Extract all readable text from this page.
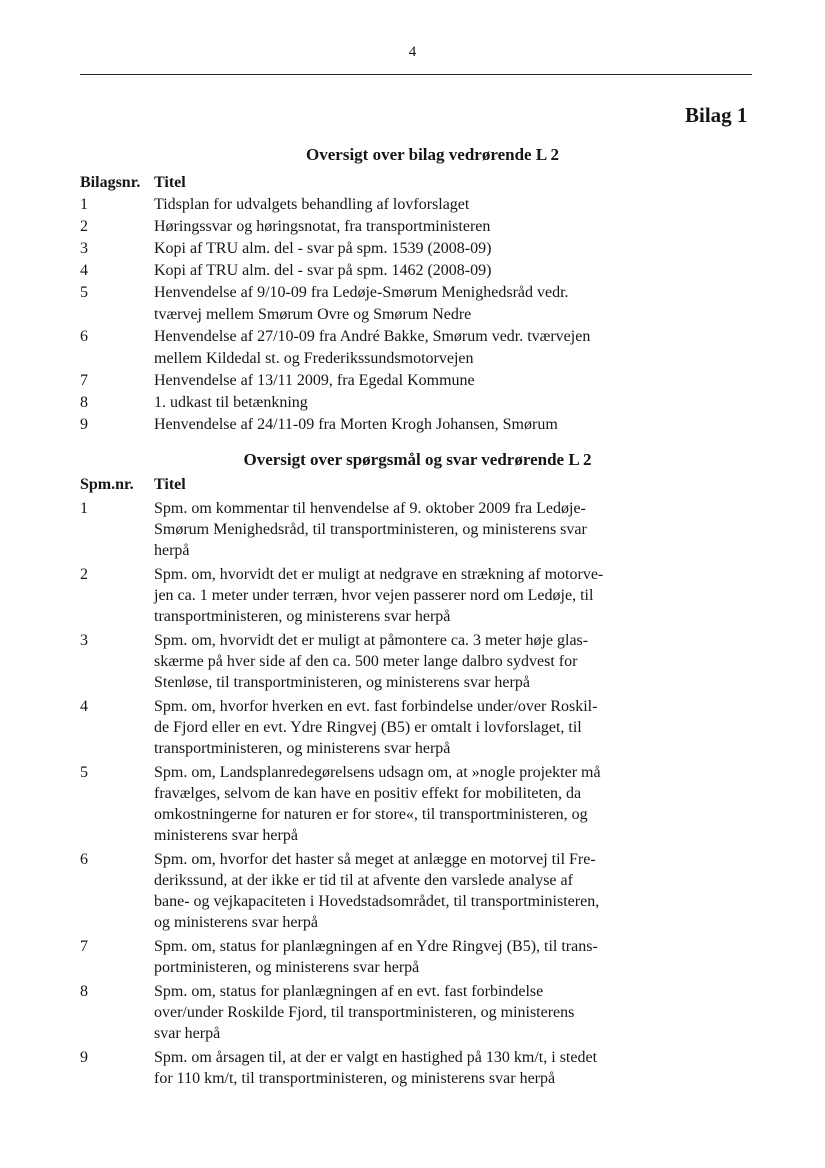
4
Bilag 1
Oversigt over bilag vedrørende L 2
Bilagsnr. Titel
1	Tidsplan for udvalgets behandling af lovforslaget
2	Høringssvar og høringsnotat, fra transportministeren
3	Kopi af TRU alm. del - svar på spm. 1539 (2008-09)
4	Kopi af TRU alm. del - svar på spm. 1462 (2008-09)
5	Henvendelse af 9/10-09 fra Ledøje-Smørum Menighedsråd vedr.
tværvej mellem Smørum Ovre og Smørum Nedre
6	Henvendelse af 27/10-09 fra André Bakke, Smørum vedr. tværvejen
mellem Kildedal st. og Frederikssundsmotorvejen
7	Henvendelse af 13/11 2009, fra Egedal Kommune
8	1. udkast til betænkning
9	Henvendelse af 24/11-09 fra Morten Krogh Johansen, Smørum
Oversigt over spørgsmål og svar vedrørende L 2
Spm.nr.	Titel
1	Spm. om kommentar til henvendelse af 9. oktober 2009 fra Ledøje-
Smørum Menighedsråd, til transportministeren, og ministerens svar
herpå
2	Spm. om, hvorvidt det er muligt at nedgrave en strækning af motorve-
jen ca. 1 meter under terræn, hvor vejen passerer nord om Ledøje, til
transportministeren, og ministerens svar herpå
3	Spm. om, hvorvidt det er muligt at påmontere ca. 3 meter høje glas-
skærme på hver side af den ca. 500 meter lange dalbro sydvest for
Stenløse, til transportministeren, og ministerens svar herpå
4	Spm. om, hvorfor hverken en evt. fast forbindelse under/over Roskil-
de Fjord eller en evt. Ydre Ringvej (B5) er omtalt i lovforslaget, til
transportministeren, og ministerens svar herpå
5	Spm. om, Landsplanredegørelsens udsagn om, at »nogle projekter må
fravælges, selvom de kan have en positiv effekt for mobiliteten, da
omkostningerne for naturen er for store«, til transportministeren, og
ministerens svar herpå
6	Spm. om, hvorfor det haster så meget at anlægge en motorvej til Fre-
derikssund, at der ikke er tid til at afvente den varslede analyse af
bane- og vejkapaciteten i Hovedstadsområdet, til transportministeren,
og ministerens svar herpå
7	Spm. om, status for planlægningen af en Ydre Ringvej (B5), til trans-
portministeren, og ministerens svar herpå
8	Spm. om, status for planlægningen af en evt. fast forbindelse
over/under Roskilde Fjord, til transportministeren, og ministerens
svar herpå
9	Spm. om årsagen til, at der er valgt en hastighed på 130 km/t, i stedet
for 110 km/t, til transportministeren, og ministerens svar herpå
